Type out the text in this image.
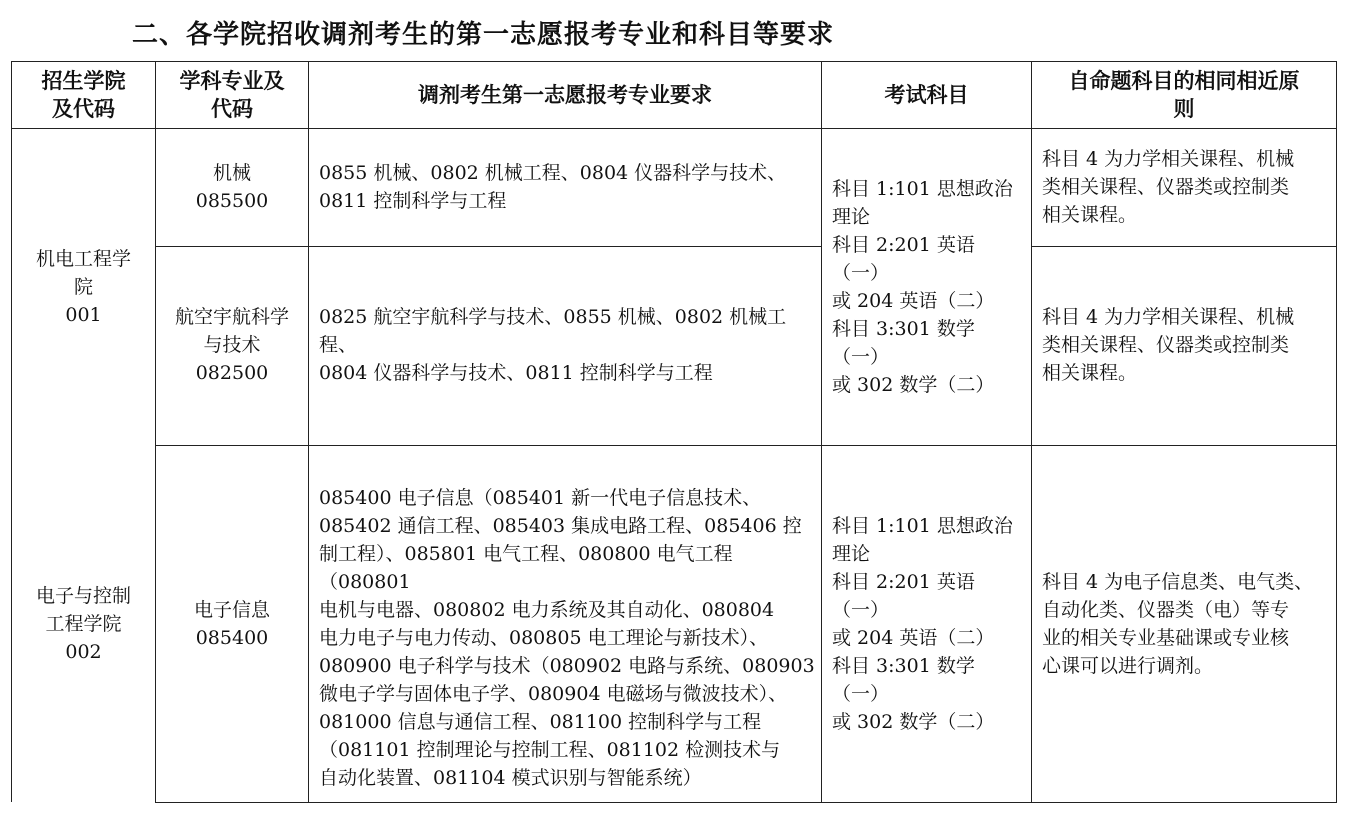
二、各学院招收调剂考生的第一志愿报考专业和科目等要求
招生学院
及代码
学科专业及
代码
调剂考生第一志愿报考专业要求	考试科目
自命题科目的相同相近原
则
机电工程学
院
001
电子与控制
工程学院
002
机械
085500
航空宇航科学
与技术
082500
电子信息
085400
0855 机械、0802 机械工程、0804 仪器科学与技术、
0811 控制科学与工程
0825 航空宇航科学与技术、0855 机械、0802 机械工
程、
0804 仪器科学与技术、0811 控制科学与工程
085400 电子信息（085401 新一代电子信息技术、
085402 通信工程、085403 集成电路工程、085406 控
制工程）、085801 电气工程、080800 电气工程（080801
电机与电器、080802 电力系统及其自动化、080804
电力电子与电力传动、080805 电工理论与新技术）、
080900 电子科学与技术（080902 电路与系统、080903
微电子学与固体电子学、080904 电磁场与微波技术）、
081000 信息与通信工程、081100 控制科学与工程
（081101 控制理论与控制工程、081102 检测技术与
自动化装置、081104 模式识别与智能系统）
科目 1:101 思想政治
理论
科目 2:201 英语（一）
或 204 英语（二）
科目 3:301 数学（一）
或 302 数学（二）
科目 1:101 思想政治
理论
科目 2:201 英语（一）
或 204 英语（二）
科目 3:301 数学（一）
或 302 数学（二）
科目 4 为力学相关课程、机械
类相关课程、仪器类或控制类
相关课程。
科目 4 为力学相关课程、机械
类相关课程、仪器类或控制类
相关课程。
科目 4 为电子信息类、电气类、
自动化类、仪器类（电）等专
业的相关专业基础课或专业核
心课可以进行调剂。
